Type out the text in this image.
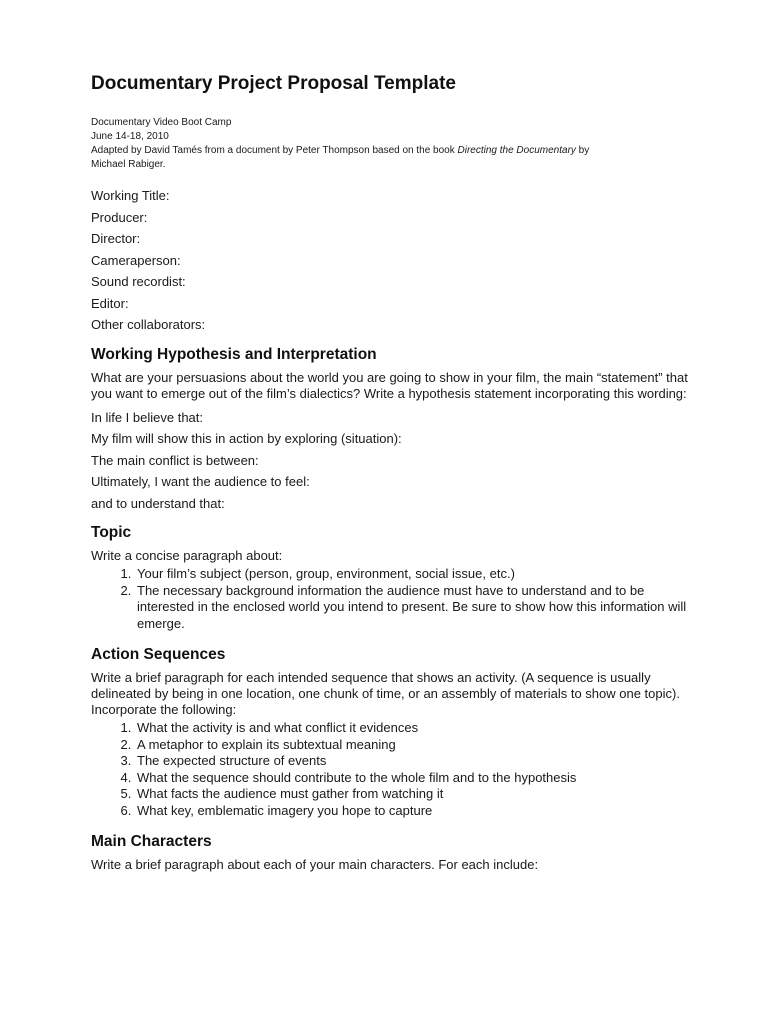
Documentary Project Proposal Template
Documentary Video Boot Camp
June 14-18, 2010
Adapted by David Tamés from a document by Peter Thompson based on the book Directing the Documentary by
Michael Rabiger.
Working Title:
Producer:
Director:
Cameraperson:
Sound recordist:
Editor:
Other collaborators:
Working Hypothesis and Interpretation

What are your persuasions about the world you are going to show in your film, the main “statement” that you want to emerge out of the film’s dialectics? Write a hypothesis statement incorporating this wording:

In life I believe that:
My film will show this in action by exploring (situation):
The main conflict is between:
Ultimately, I want the audience to feel:
and to understand that:
Topic

Write a concise paragraph about:

1. Your film’s subject (person, group, environment, social issue, etc.)
2. The necessary background information the audience must have to understand and to be interested in the enclosed world you intend to present. Be sure to show how this information will emerge.
Action Sequences

Write a brief paragraph for each intended sequence that shows an activity. (A sequence is usually delineated by being in one location, one chunk of time, or an assembly of materials to show one topic). Incorporate the following:

1. What the activity is and what conflict it evidences
2. A metaphor to explain its subtextual meaning
3. The expected structure of events
4. What the sequence should contribute to the whole film and to the hypothesis
5. What facts the audience must gather from watching it
6. What key, emblematic imagery you hope to capture
Main Characters

Write a brief paragraph about each of your main characters. For each include:
